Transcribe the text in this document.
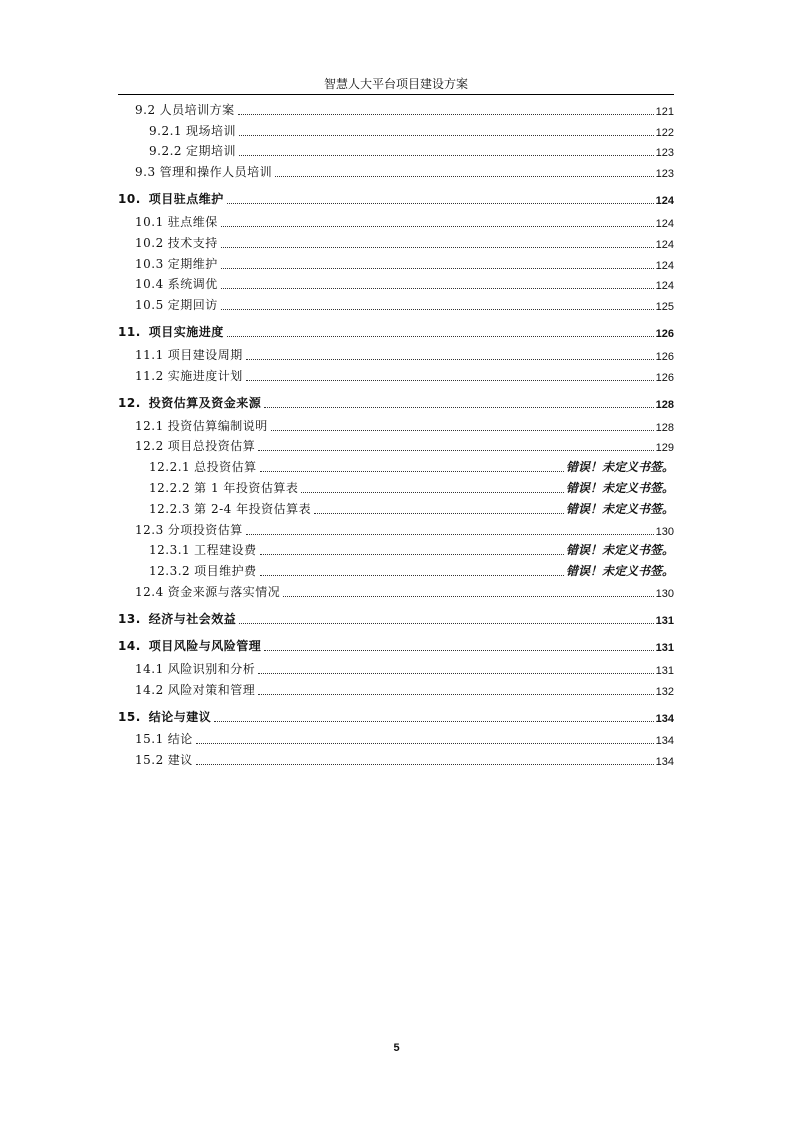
智慧人大平台项目建设方案
9.2 人员培训方案	121
9.2.1 现场培训	122
9.2.2 定期培训	123
9.3 管理和操作人员培训	123
10. 项目驻点维护	124
10.1 驻点维保	124
10.2 技术支持	124
10.3 定期维护	124
10.4 系统调优	124
10.5 定期回访	125
11. 项目实施进度	126
11.1 项目建设周期	126
11.2 实施进度计划	126
12. 投资估算及资金来源	128
12.1 投资估算编制说明	128
12.2 项目总投资估算	129
12.2.1 总投资估算	错误！未定义书签。
12.2.2 第 1 年投资估算表	错误！未定义书签。
12.2.3 第 2-4 年投资估算表	错误！未定义书签。
12.3 分项投资估算	130
12.3.1 工程建设费	错误！未定义书签。
12.3.2 项目维护费	错误！未定义书签。
12.4 资金来源与落实情况	130
13. 经济与社会效益	131
14. 项目风险与风险管理	131
14.1 风险识别和分析	131
14.2 风险对策和管理	132
15. 结论与建议	134
15.1 结论	134
15.2 建议	134
5
